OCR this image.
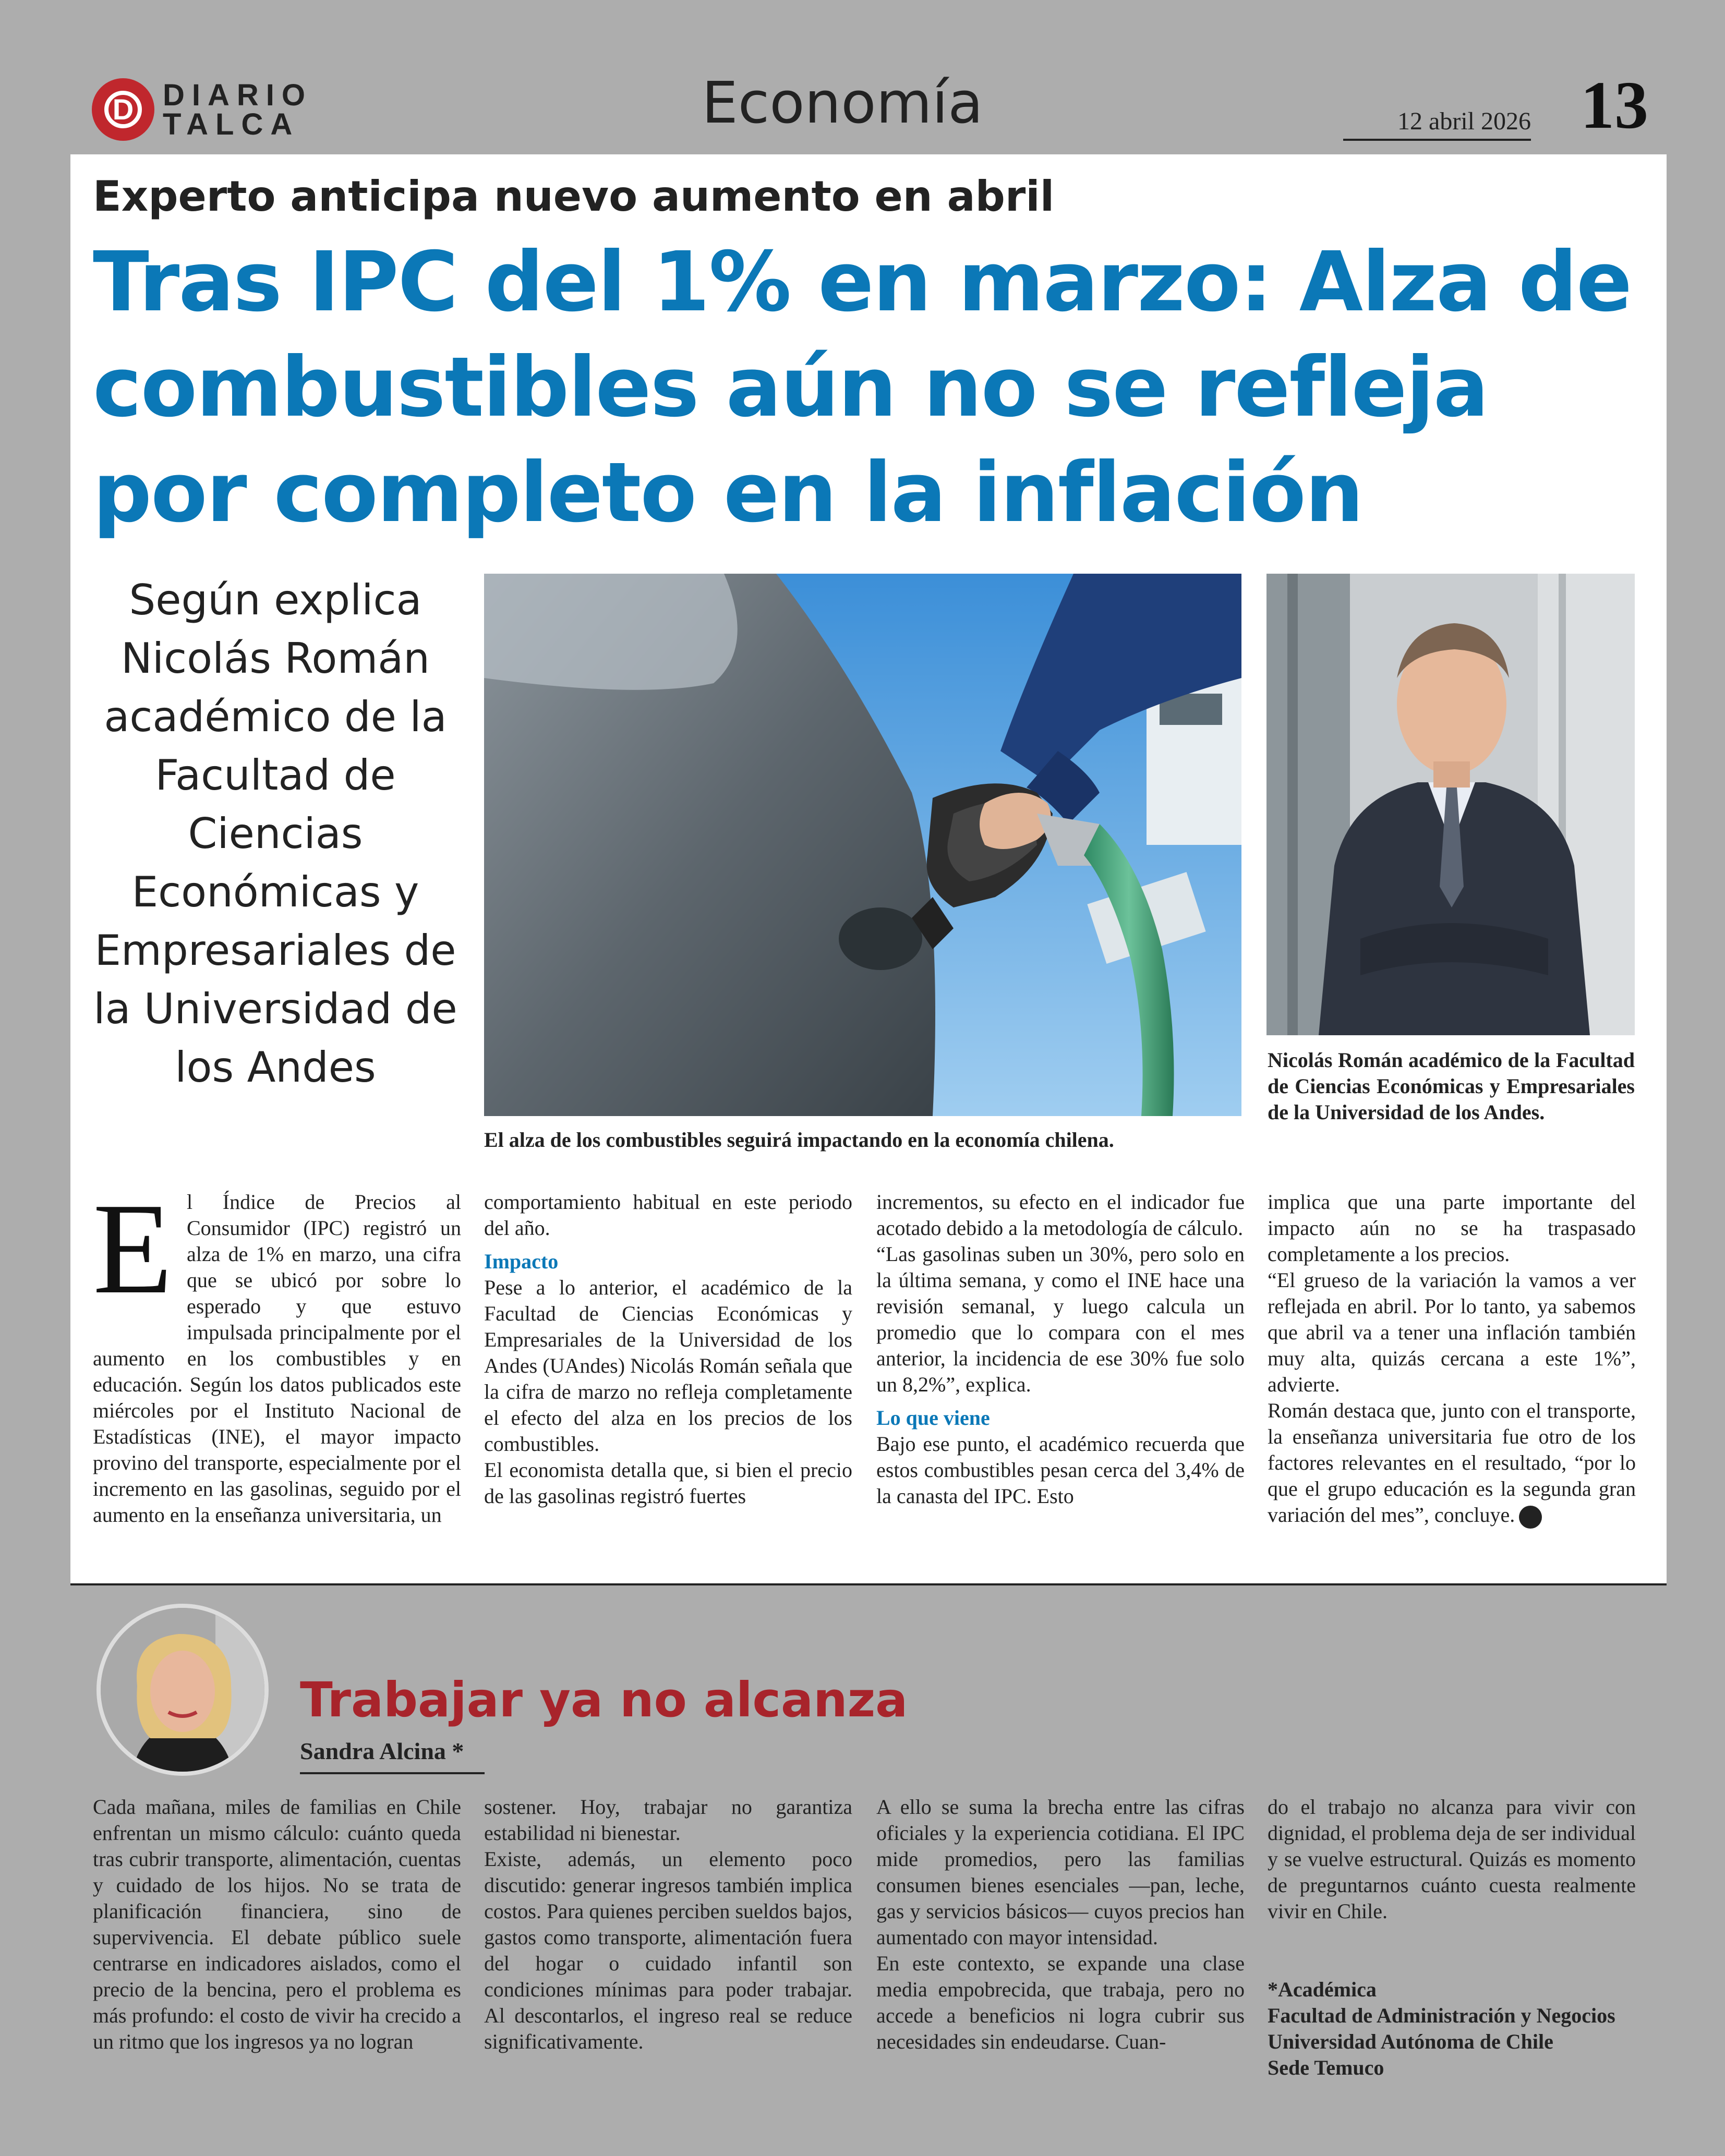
D DIARIO
TALCA	Economía	12 abril 2026 13
Experto anticipa nuevo aumento en abril
Tras IPC del 1% en marzo: Alza de combustibles aún no se refleja por completo en la inflación
Según explica Nicolás Román académico de la Facultad de Ciencias Económicas y Empresariales de la Universidad de los Andes
El alza de los combustibles seguirá impactando en la economía chilena.
Nicolás Román académico de la Facultad de Ciencias Económicas y Empresariales de la Universidad de los Andes.
E l Índice de Precios al Consumidor (IPC) registró un alza de 1% en marzo, una cifra que se ubicó por sobre lo esperado y que estuvo impulsada principalmente por el aumento en los combustibles y en educación. Según los datos publicados este miércoles por el Instituto Nacional de Estadísticas (INE), el mayor impacto provino del transporte, especialmente por el incremento en las gasolinas, seguido por el aumento en la enseñanza universitaria, un

comportamiento habitual en este periodo del año.

Impacto

Pese a lo anterior, el académico de la Facultad de Ciencias Económicas y Empresariales de la Universidad de los Andes (UAndes) Nicolás Román señala que la cifra de marzo no refleja completamente el efecto del alza en los precios de los combustibles.

El economista detalla que, si bien el precio de las gasolinas registró fuertes

incrementos, su efecto en el indicador fue acotado debido a la metodología de cálculo.

“Las gasolinas suben un 30%, pero solo en la última semana, y como el INE hace una revisión semanal, y luego calcula un promedio que lo compara con el mes anterior, la incidencia de ese 30% fue solo un 8,2%”, explica.

Lo que viene

Bajo ese punto, el académico recuerda que estos combustibles pesan cerca del 3,4% de la canasta del IPC. Esto

implica que una parte importante del impacto aún no se ha traspasado completamente a los precios.

“El grueso de la variación la vamos a ver reflejada en abril. Por lo tanto, ya sabemos que abril va a tener una inflación también muy alta, quizás cercana a este 1%”, advierte.

Román destaca que, junto con el transporte, la enseñanza universitaria fue otro de los factores relevantes en el resultado, “por lo que el grupo educación es la segunda gran variación del mes”, concluye.

Trabajar ya no alcanza
Sandra Alcina *

Cada mañana, miles de familias en Chile enfrentan un mismo cálculo: cuánto queda tras cubrir transporte, alimentación, cuentas y cuidado de los hijos. No se trata de planificación financiera, sino de supervivencia. El debate público suele centrarse en indicadores aislados, como el precio de la bencina, pero el problema es más profundo: el costo de vivir ha crecido a un ritmo que los ingresos ya no logran

sostener. Hoy, trabajar no garantiza estabilidad ni bienestar.

Existe, además, un elemento poco discutido: generar ingresos también implica costos. Para quienes perciben sueldos bajos, gastos como transporte, alimentación fuera del hogar o cuidado infantil son condiciones mínimas para poder trabajar. Al descontarlos, el ingreso real se reduce significativamente.

A ello se suma la brecha entre las cifras oficiales y la experiencia cotidiana. El IPC mide promedios, pero las familias consumen bienes esenciales —pan, leche, gas y servicios básicos— cuyos precios han aumentado con mayor intensidad.

En este contexto, se expande una clase media empobrecida, que trabaja, pero no accede a beneficios ni logra cubrir sus necesidades sin endeudarse. Cuan-

do el trabajo no alcanza para vivir con dignidad, el problema deja de ser individual y se vuelve estructural. Quizás es momento de preguntarnos cuánto cuesta realmente vivir en Chile.

*Académica
Facultad de Administración y Negocios
Universidad Autónoma de Chile
Sede Temuco
